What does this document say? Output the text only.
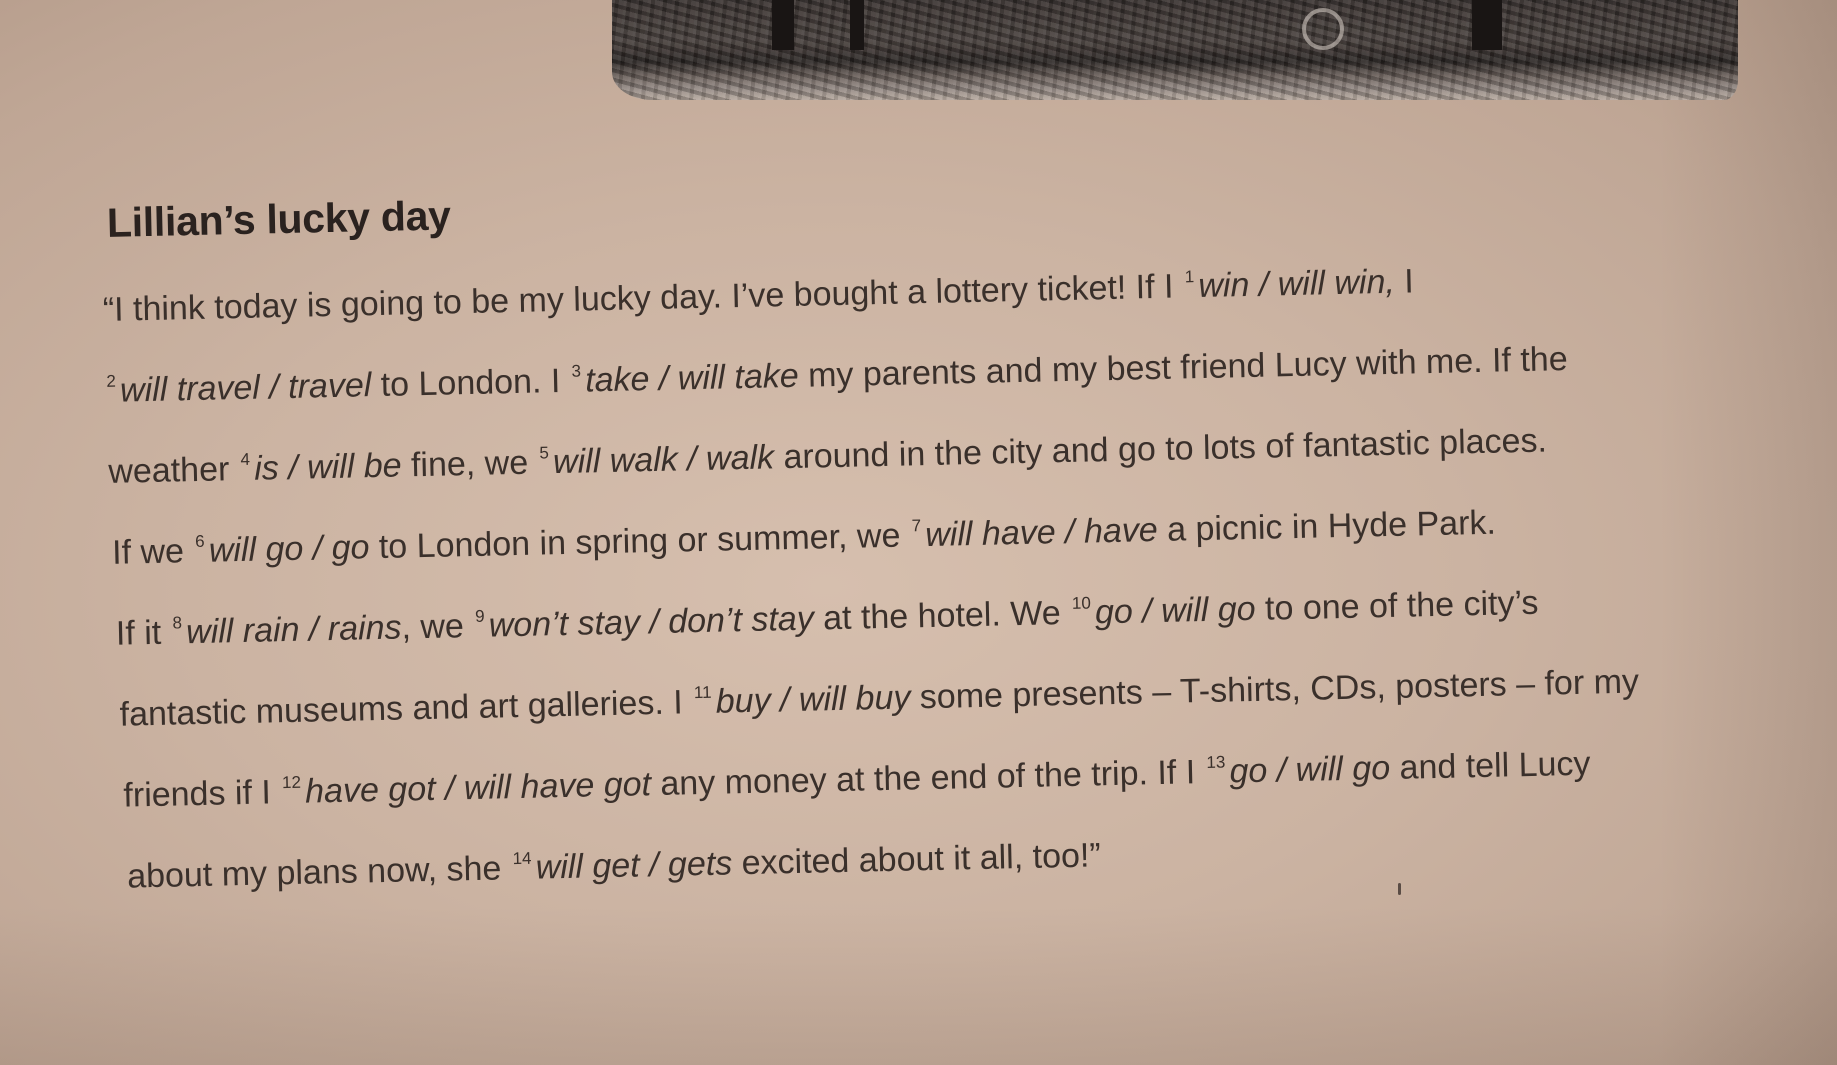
Lillian’s lucky day
“I think today is going to be my lucky day. I’ve bought a lottery ticket! If I $^1$ win / will win, I
$^2$ will travel / travel to London. I $^3$ take / will take my parents and my best friend Lucy with me. If the
weather $^4$ is / will be fine, we $^5$ will walk / walk around in the city and go to lots of fantastic places.
If we $^6$ will go / go to London in spring or summer, we $^7$ will have / have a picnic in Hyde Park.
If it $^8$ will rain / rains, we $^9$ won’t stay / don’t stay at the hotel. We $^{10}$ go / will go to one of the city’s
fantastic museums and art galleries. I $^{11}$ buy / will buy some presents – T-shirts, CDs, posters – for my
friends if I $^{12}$ have got / will have got any money at the end of the trip. If I $^{13}$ go / will go and tell Lucy
about my plans now, she $^{14}$ will get / gets excited about it all, too!”
